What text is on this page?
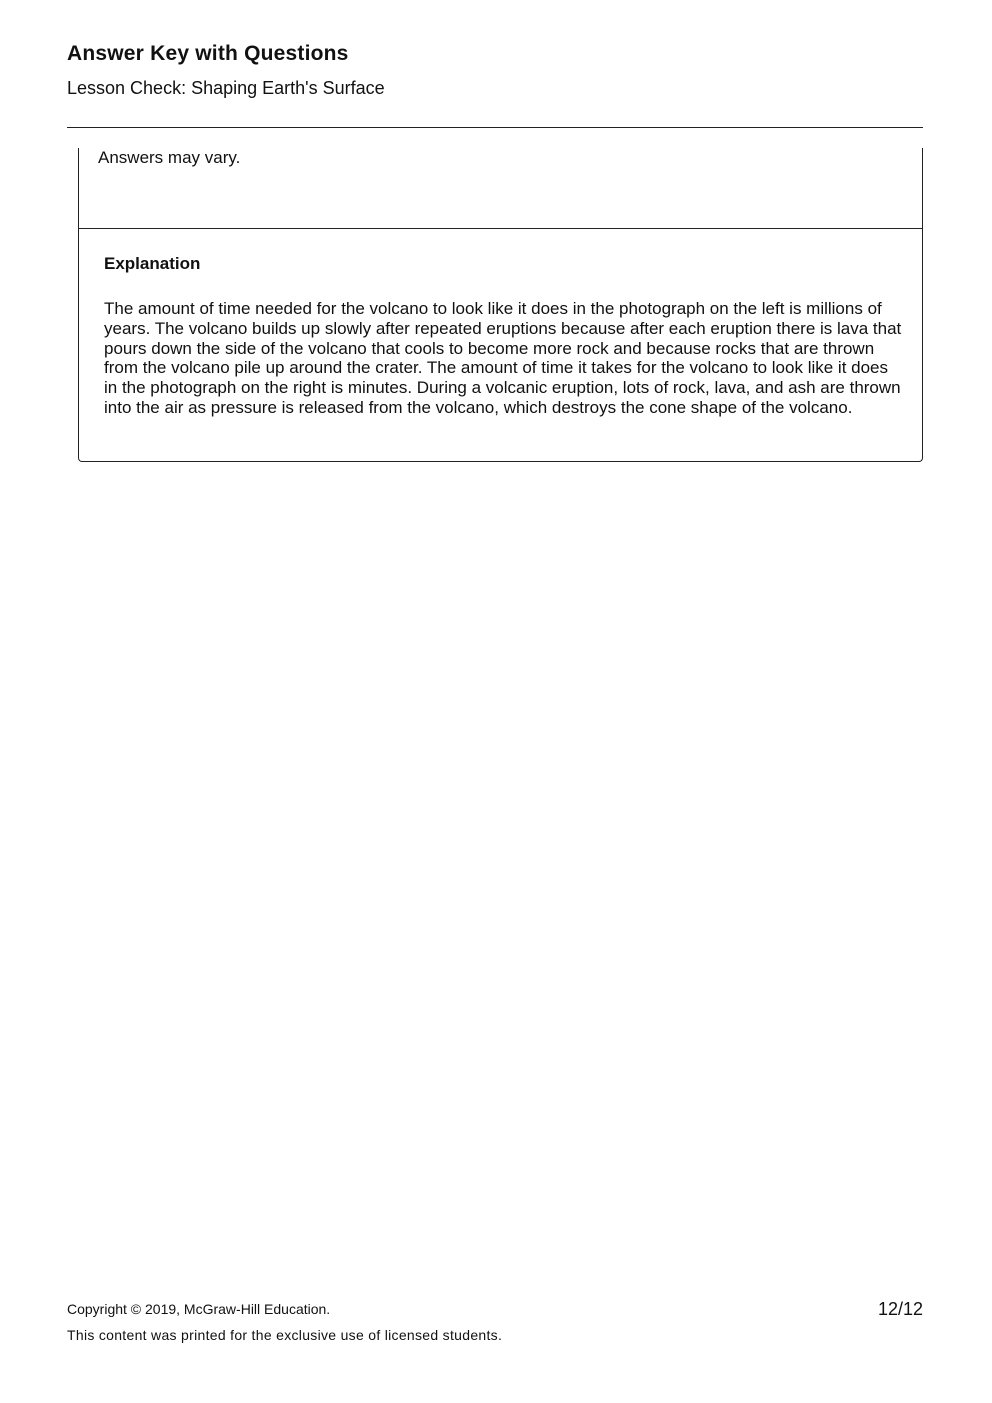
Answer Key with Questions
Lesson Check: Shaping Earth's Surface
Answers may vary.
Explanation
The amount of time needed for the volcano to look like it does in the photograph on the left is millions of years. The volcano builds up slowly after repeated eruptions because after each eruption there is lava that pours down the side of the volcano that cools to become more rock and because rocks that are thrown from the volcano pile up around the crater. The amount of time it takes for the volcano to look like it does in the photograph on the right is minutes. During a volcanic eruption, lots of rock, lava, and ash are thrown into the air as pressure is released from the volcano, which destroys the cone shape of the volcano.
Copyright © 2019, McGraw-Hill Education.
This content was printed for the exclusive use of licensed students.
12/12
